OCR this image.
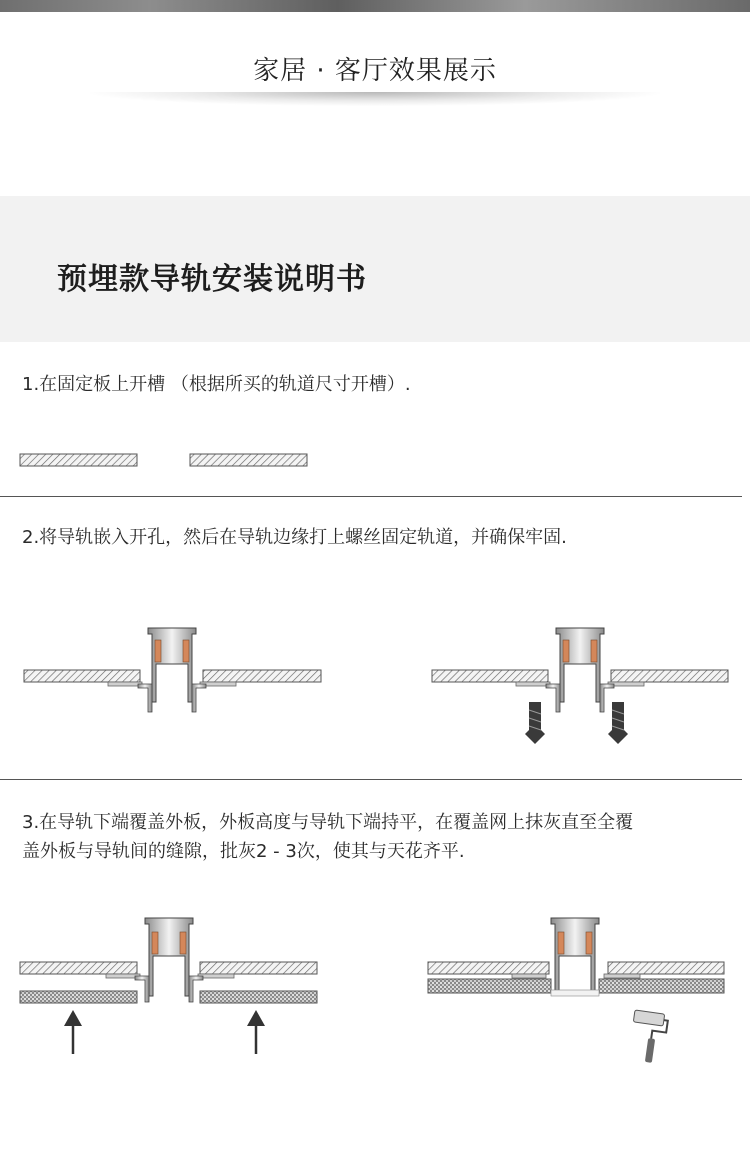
家居 · 客厅效果展示
预埋款导轨安装说明书
1.在固定板上开槽 （根据所买的轨道尺寸开槽）.
2.将导轨嵌入开孔，然后在导轨边缘打上螺丝固定轨道，并确保牢固.
3.在导轨下端覆盖外板，外板高度与导轨下端持平，在覆盖网上抹灰直至全覆
盖外板与导轨间的缝隙，批灰2 - 3次，使其与天花齐平.
